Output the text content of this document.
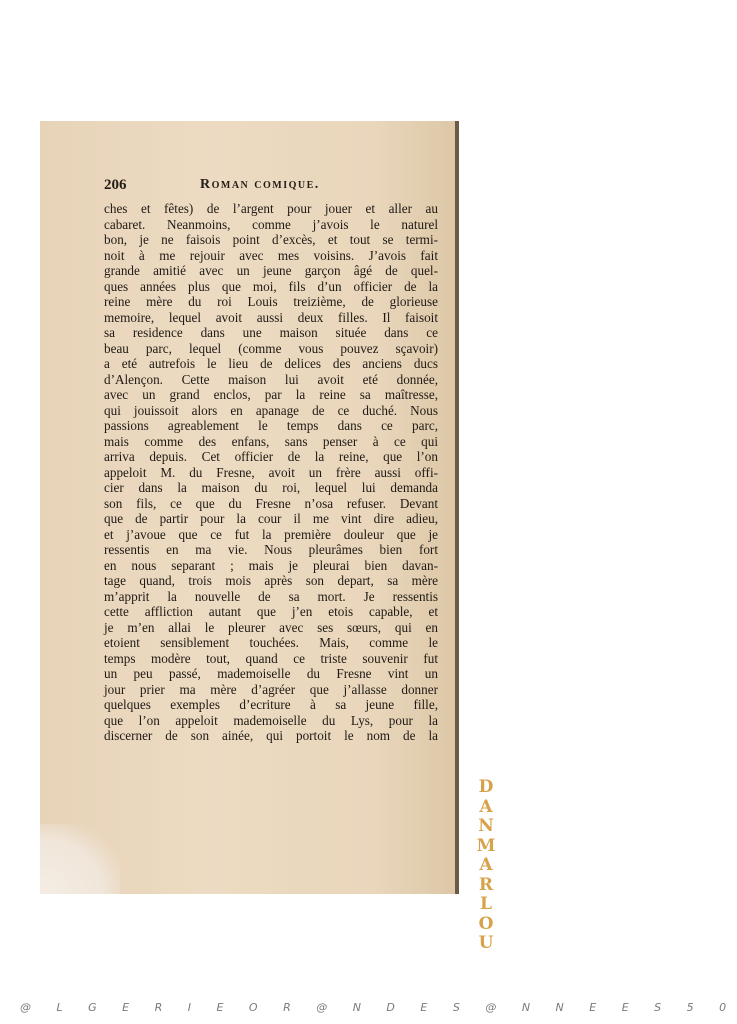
206	Roman comique.
ches et fêtes) de l’argent pour jouer et aller au
cabaret. Neanmoins, comme j’avois le naturel
bon, je ne faisois point d’excès, et tout se termi-
noit à me rejouir avec mes voisins. J’avois fait
grande amitié avec un jeune garçon âgé de quel-
ques années plus que moi, fils d’un officier de la
reine mère du roi Louis treizième, de glorieuse
memoire, lequel avoit aussi deux filles. Il faisoit
sa residence dans une maison située dans ce
beau parc, lequel (comme vous pouvez sçavoir)
a eté autrefois le lieu de delices des anciens ducs
d’Alençon. Cette maison lui avoit eté donnée,
avec un grand enclos, par la reine sa maîtresse,
qui jouissoit alors en apanage de ce duché. Nous
passions agreablement le temps dans ce parc,
mais comme des enfans, sans penser à ce qui
arriva depuis. Cet officier de la reine, que l’on
appeloit M. du Fresne, avoit un frère aussi offi-
cier dans la maison du roi, lequel lui demanda
son fils, ce que du Fresne n’osa refuser. Devant
que de partir pour la cour il me vint dire adieu,
et j’avoue que ce fut la première douleur que je
ressentis en ma vie. Nous pleurâmes bien fort
en nous separant ; mais je pleurai bien davan-
tage quand, trois mois après son depart, sa mère
m’apprit la nouvelle de sa mort. Je ressentis
cette affliction autant que j’en etois capable, et
je m’en allai le pleurer avec ses sœurs, qui en
etoient sensiblement touchées. Mais, comme le
temps modère tout, quand ce triste souvenir fut
un peu passé, mademoiselle du Fresne vint un
jour prier ma mère d’agréer que j’allasse donner
quelques exemples d’ecriture à sa jeune fille,
que l’on appeloit mademoiselle du Lys, pour la
discerner de son ainée, qui portoit le nom de la
D
A
N
M
A
R
L
O
U
@ L G E R I E O R @ N D E S @ N N E E S 5 0
